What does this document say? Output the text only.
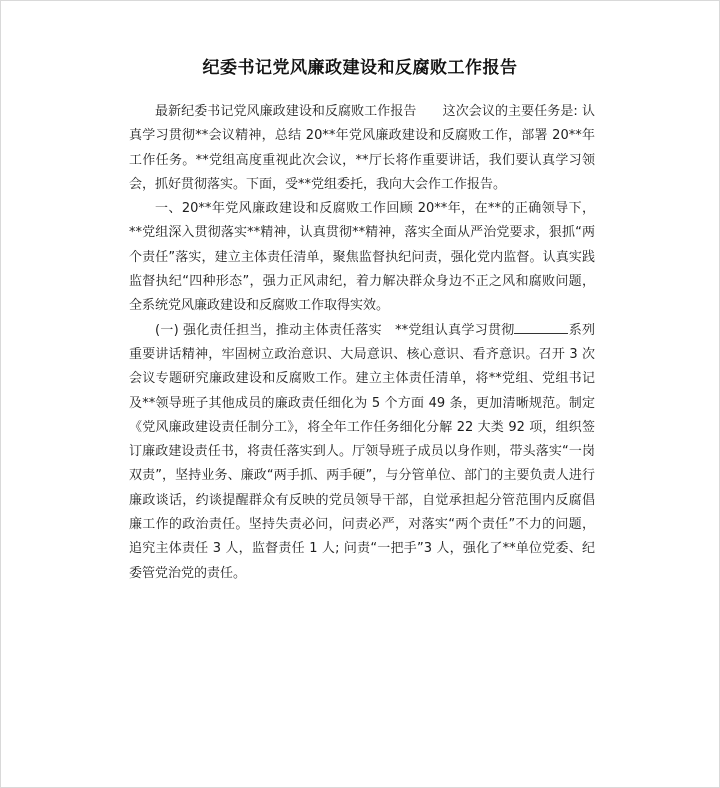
纪委书记党风廉政建设和反腐败工作报告

最新纪委书记党风廉政建设和反腐败工作报告　　这次会议的主要任务是: 认真学习贯彻**会议精神，总结 20**年党风廉政建设和反腐败工作，部署 20**年工作任务。**党组高度重视此次会议，**厅长将作重要讲话，我们要认真学习领会，抓好贯彻落实。下面，受**党组委托，我向大会作工作报告。

一、20**年党风廉政建设和反腐败工作回顾 20**年，在**的正确领导下，**党组深入贯彻落实**精神，认真贯彻**精神，落实全面从严治党要求，狠抓“两个责任”落实，建立主体责任清单，聚焦监督执纪问责，强化党内监督。认真实践监督执纪“四种形态”，强力正风肃纪，着力解决群众身边不正之风和腐败问题，全系统党风廉政建设和反腐败工作取得实效。

(一) 强化责任担当，推动主体责任落实　**党组认真学习贯彻	系列重要讲话精神，牢固树立政治意识、大局意识、核心意识、看齐意识。召开 3 次会议专题研究廉政建设和反腐败工作。建立主体责任清单，将**党组、党组书记及**领导班子其他成员的廉政责任细化为 5 个方面 49 条，更加清晰规范。制定《党风廉政建设责任制分工》，将全年工作任务细化分解 22 大类 92 项，组织签订廉政建设责任书，将责任落实到人。厅领导班子成员以身作则，带头落实“一岗双责”，坚持业务、廉政“两手抓、两手硬”，与分管单位、部门的主要负责人进行廉政谈话，约谈提醒群众有反映的党员领导干部，自觉承担起分管范围内反腐倡廉工作的政治责任。坚持失责必问，问责必严，对落实“两个责任”不力的问题，追究主体责任 3 人，监督责任 1 人; 问责“一把手”3 人，强化了**单位党委、纪委管党治党的责任。
